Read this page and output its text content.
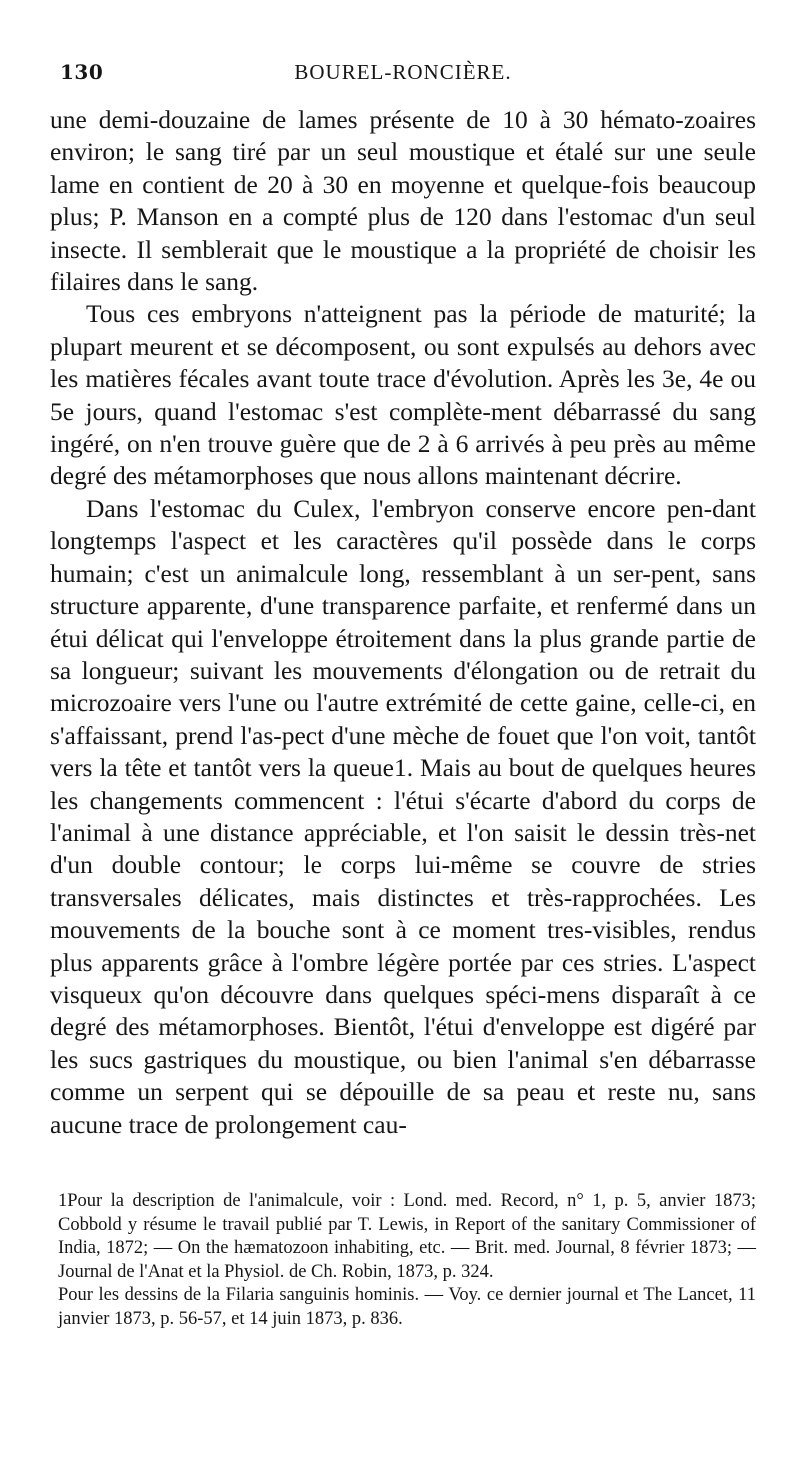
130	BOUREL-RONCIÈRE.

une demi-douzaine de lames présente de 10 à 30 hémato-zoaires environ; le sang tiré par un seul moustique et étalé sur une seule lame en contient de 20 à 30 en moyenne et quelque-fois beaucoup plus; P. Manson en a compté plus de 120 dans l'estomac d'un seul insecte. Il semblerait que le moustique a la propriété de choisir les filaires dans le sang.

Tous ces embryons n'atteignent pas la période de maturité; la plupart meurent et se décomposent, ou sont expulsés au dehors avec les matières fécales avant toute trace d'évolution. Après les 3e, 4e ou 5e jours, quand l'estomac s'est complète-ment débarrassé du sang ingéré, on n'en trouve guère que de 2 à 6 arrivés à peu près au même degré des métamorphoses que nous allons maintenant décrire.

Dans l'estomac du Culex, l'embryon conserve encore pen-dant longtemps l'aspect et les caractères qu'il possède dans le corps humain; c'est un animalcule long, ressemblant à un ser-pent, sans structure apparente, d'une transparence parfaite, et renfermé dans un étui délicat qui l'enveloppe étroitement dans la plus grande partie de sa longueur; suivant les mouvements d'élongation ou de retrait du microzoaire vers l'une ou l'autre extrémité de cette gaine, celle-ci, en s'affaissant, prend l'as-pect d'une mèche de fouet que l'on voit, tantôt vers la tête et tantôt vers la queue1. Mais au bout de quelques heures les changements commencent : l'étui s'écarte d'abord du corps de l'animal à une distance appréciable, et l'on saisit le dessin très-net d'un double contour; le corps lui-même se couvre de stries transversales délicates, mais distinctes et très-rapprochées. Les mouvements de la bouche sont à ce moment tres-visibles, rendus plus apparents grâce à l'ombre légère portée par ces stries. L'aspect visqueux qu'on découvre dans quelques spéci-mens disparaît à ce degré des métamorphoses. Bientôt, l'étui d'enveloppe est digéré par les sucs gastriques du moustique, ou bien l'animal s'en débarrasse comme un serpent qui se dépouille de sa peau et reste nu, sans aucune trace de prolongement cau-

1Pour la description de l'animalcule, voir : Lond. med. Record, n° 1, p. 5, anvier 1873; Cobbold y résume le travail publié par T. Lewis, in Report of the sanitary Commissioner of India, 1872; — On the hæmatozoon inhabiting, etc. — Brit. med. Journal, 8 février 1873; — Journal de l'Anat et la Physiol. de Ch. Robin, 1873, p. 324.

Pour les dessins de la Filaria sanguinis hominis. — Voy. ce dernier journal et The Lancet, 11 janvier 1873, p. 56-57, et 14 juin 1873, p. 836.
